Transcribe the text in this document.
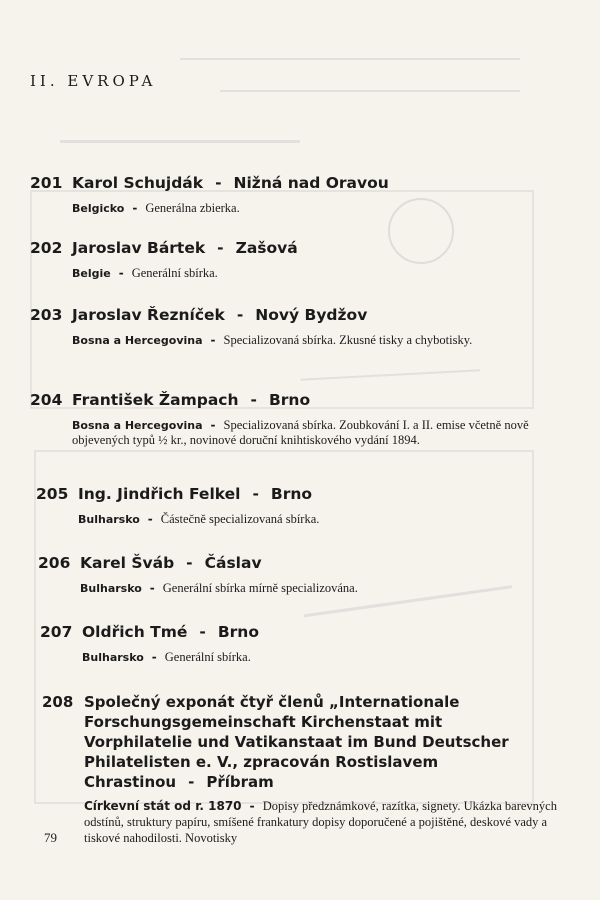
II. EVROPA
201 Karol Schujdák - Nižná nad Oravou
Belgicko - Generálna zbierka.
202 Jaroslav Bártek - Zašová
Belgie - Generální sbírka.
203 Jaroslav Řezníček - Nový Bydžov
Bosna a Hercegovina - Specializovaná sbírka. Zkusné tisky a chybotisky.
204 František Žampach - Brno
Bosna a Hercegovina - Specializovaná sbírka. Zoubkování I. a II. emise včetně nově objevených typů ½ kr., novinové doruční knihtiskového vydání 1894.
205 Ing. Jindřich Felkel - Brno
Bulharsko - Částečně specializovaná sbírka.
206 Karel Šváb - Čáslav
Bulharsko - Generální sbírka mírně specializována.
207 Oldřich Tmé - Brno
Bulharsko - Generální sbírka.
208 Společný exponát čtyř členů „Internationale Forschungsgemeinschaft Kirchenstaat mit Vorphilatelie und Vatikanstaat im Bund Deutscher Philatelisten e. V., zpracován Rostislavem Chrastinou - Příbram
Církevní stát od r. 1870 - Dopisy předznámkové, razítka, signety. Ukázka barevných odstínů, struktury papíru, smíšené frankatury dopisy doporučené a pojištěné, deskové vady a tiskové nahodilosti. Novotisky
79
